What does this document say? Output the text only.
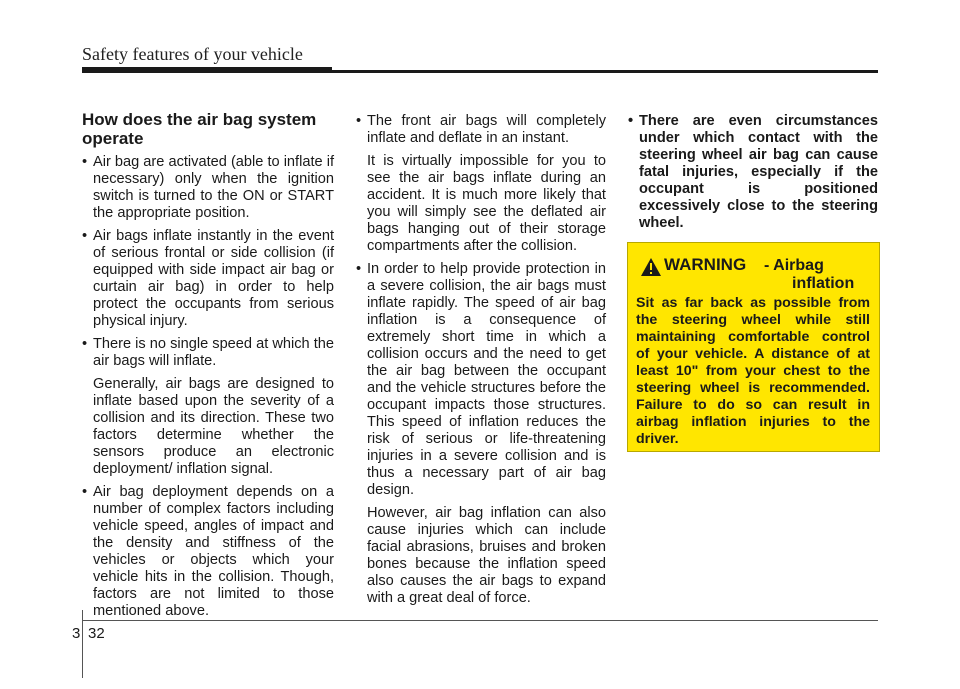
Safety features of your vehicle
How does the air bag system operate
• Air bag are activated (able to inflate if necessary) only when the ignition switch is turned to the ON or START the appropriate position.
• Air bags inflate instantly in the event of serious frontal or side collision (if equipped with side impact air bag or curtain air bag) in order to help protect the occupants from serious physical injury.
• There is no single speed at which the air bags will inflate.
Generally, air bags are designed to inflate based upon the severity of a collision and its direction. These two factors determine whether the sensors produce an electronic deployment/ inflation signal.
• Air bag deployment depends on a number of complex factors including vehicle speed, angles of impact and the density and stiffness of the vehicles or objects which your vehicle hits in the collision. Though, factors are not limited to those mentioned above.
• The front air bags will completely inflate and deflate in an instant.
It is virtually impossible for you to see the air bags inflate during an accident. It is much more likely that you will simply see the deflated air bags hanging out of their storage compartments after the collision.
• In order to help provide protection in a severe collision, the air bags must inflate rapidly. The speed of air bag inflation is a consequence of extremely short time in which a collision occurs and the need to get the air bag between the occupant and the vehicle structures before the occupant impacts those structures. This speed of inflation reduces the risk of serious or life-threatening injuries in a severe collision and is thus a necessary part of air bag design.
However, air bag inflation can also cause injuries which can include facial abrasions, bruises and broken bones because the inflation speed also causes the air bags to expand with a great deal of force.
• There are even circumstances under which contact with the steering wheel air bag can cause fatal injuries, especially if the occupant is positioned excessively close to the steering wheel.
WARNING - Airbag
inflation
Sit as far back as possible from the steering wheel while still maintaining comfortable control of your vehicle. A distance of at least 10" from your chest to the steering wheel is recommended. Failure to do so can result in airbag inflation injuries to the driver.
3 32
